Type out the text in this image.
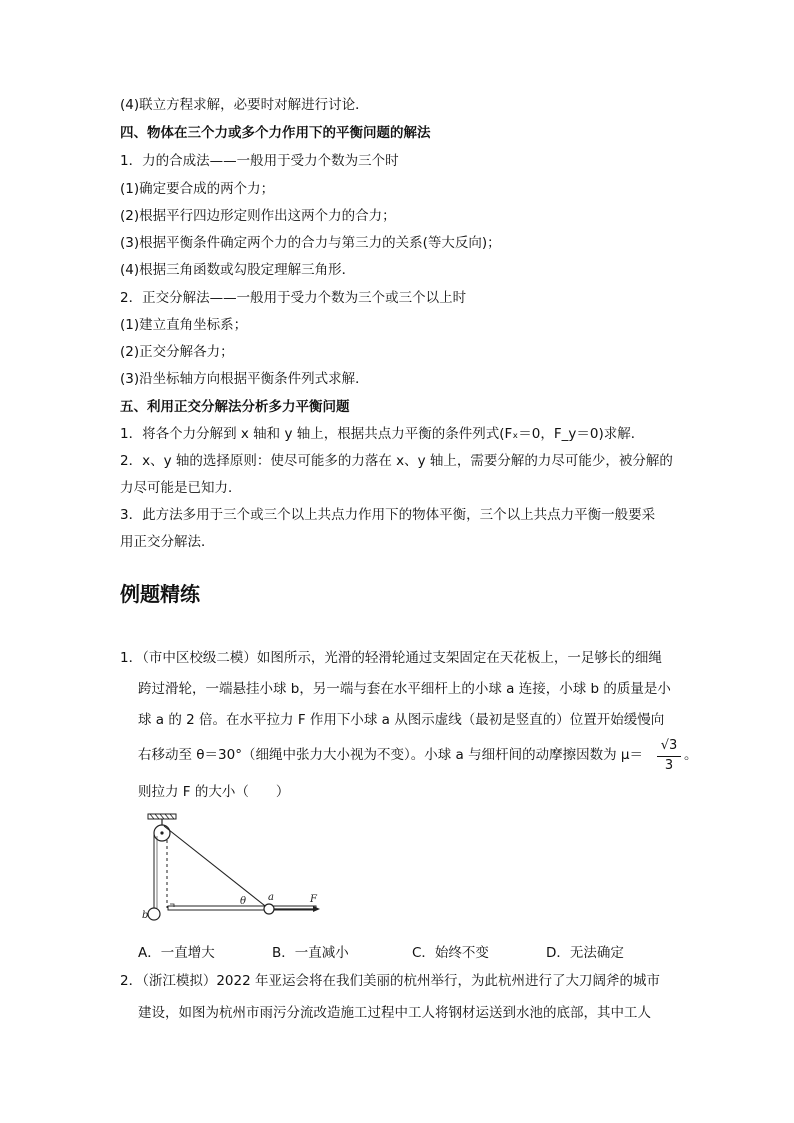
(4)联立方程求解，必要时对解进行讨论．
四、物体在三个力或多个力作用下的平衡问题的解法
1．力的合成法——一般用于受力个数为三个时
(1)确定要合成的两个力；
(2)根据平行四边形定则作出这两个力的合力；
(3)根据平衡条件确定两个力的合力与第三力的关系(等大反向)；
(4)根据三角函数或勾股定理解三角形．
2．正交分解法——一般用于受力个数为三个或三个以上时
(1)建立直角坐标系；
(2)正交分解各力；
(3)沿坐标轴方向根据平衡条件列式求解．
五、利用正交分解法分析多力平衡问题
1．将各个力分解到 x 轴和 y 轴上，根据共点力平衡的条件列式(Fₓ＝0，F_y＝0)求解．
2．x、y 轴的选择原则：使尽可能多的力落在 x、y 轴上，需要分解的力尽可能少，被分解的
力尽可能是已知力．
3．此方法多用于三个或三个以上共点力作用下的物体平衡，三个以上共点力平衡一般要采
用正交分解法．
例题精练
1．（市中区校级二模）如图所示，光滑的轻滑轮通过支架固定在天花板上，一足够长的细绳
跨过滑轮，一端悬挂小球 b，另一端与套在水平细杆上的小球 a 连接，小球 b 的质量是小
球 a 的 2 倍。在水平拉力 F 作用下小球 a 从图示虚线（最初是竖直的）位置开始缓慢向
右移动至 θ＝30°（细绳中张力大小视为不变）。小球 a 与细杆间的动摩擦因数为 μ＝
√3
3
。
则拉力 F 的大小（　　）
θ a
b
F
A．一直增大	B．一直减小	C．始终不变	D．无法确定
2．（浙江模拟）2022 年亚运会将在我们美丽的杭州举行，为此杭州进行了大刀阔斧的城市
建设，如图为杭州市雨污分流改造施工过程中工人将钢材运送到水池的底部，其中工人
